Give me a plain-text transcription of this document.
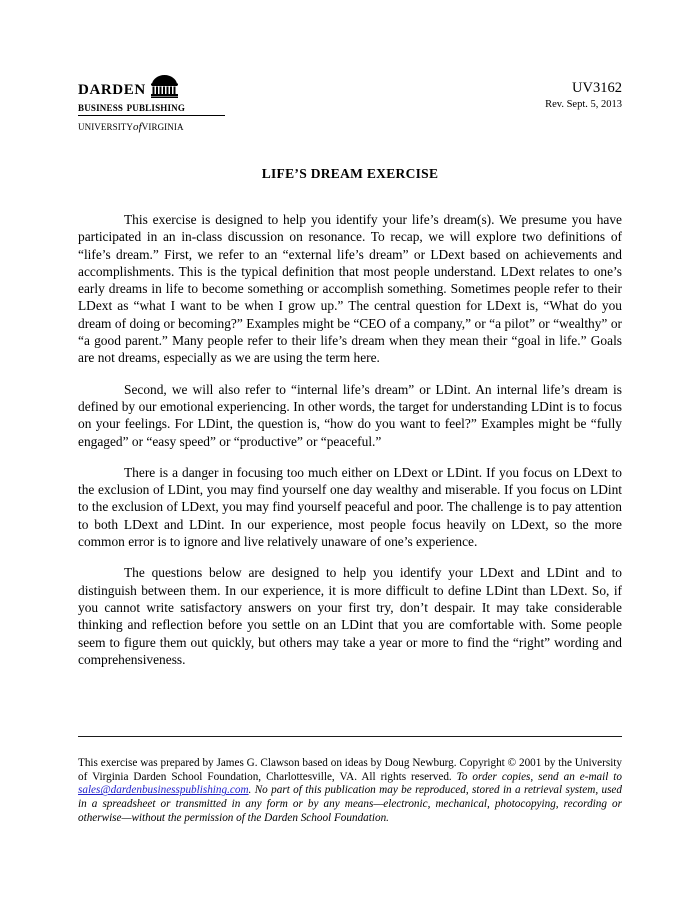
darden
business publishing
universityofvirginia
UV3162
Rev. Sept. 5, 2013
LIFE’S DREAM EXERCISE

This exercise is designed to help you identify your life’s dream(s). We presume you have participated in an in-class discussion on resonance. To recap, we will explore two definitions of “life’s dream.” First, we refer to an “external life’s dream” or LDext based on achievements and accomplishments. This is the typical definition that most people understand. LDext relates to one’s early dreams in life to become something or accomplish something. Sometimes people refer to their LDext as “what I want to be when I grow up.” The central question for LDext is, “What do you dream of doing or becoming?” Examples might be “CEO of a company,” or “a pilot” or “wealthy” or “a good parent.” Many people refer to their life’s dream when they mean their “goal in life.” Goals are not dreams, especially as we are using the term here.

Second, we will also refer to “internal life’s dream” or LDint. An internal life’s dream is defined by our emotional experiencing. In other words, the target for understanding LDint is to focus on your feelings. For LDint, the question is, “how do you want to feel?” Examples might be “fully engaged” or “easy speed” or “productive” or “peaceful.”

There is a danger in focusing too much either on LDext or LDint. If you focus on LDext to the exclusion of LDint, you may find yourself one day wealthy and miserable. If you focus on LDint to the exclusion of LDext, you may find yourself peaceful and poor. The challenge is to pay attention to both LDext and LDint. In our experience, most people focus heavily on LDext, so the more common error is to ignore and live relatively unaware of one’s experience.

The questions below are designed to help you identify your LDext and LDint and to distinguish between them. In our experience, it is more difficult to define LDint than LDext. So, if you cannot write satisfactory answers on your first try, don’t despair. It may take considerable thinking and reflection before you settle on an LDint that you are comfortable with. Some people seem to figure them out quickly, but others may take a year or more to find the “right” wording and comprehensiveness.

This exercise was prepared by James G. Clawson based on ideas by Doug Newburg. Copyright © 2001 by the University of Virginia Darden School Foundation, Charlottesville, VA. All rights reserved. To order copies, send an e-mail to sales@dardenbusinesspublishing.com. No part of this publication may be reproduced, stored in a retrieval system, used in a spreadsheet or transmitted in any form or by any means—electronic, mechanical, photocopying, recording or otherwise—without the permission of the Darden School Foundation.
